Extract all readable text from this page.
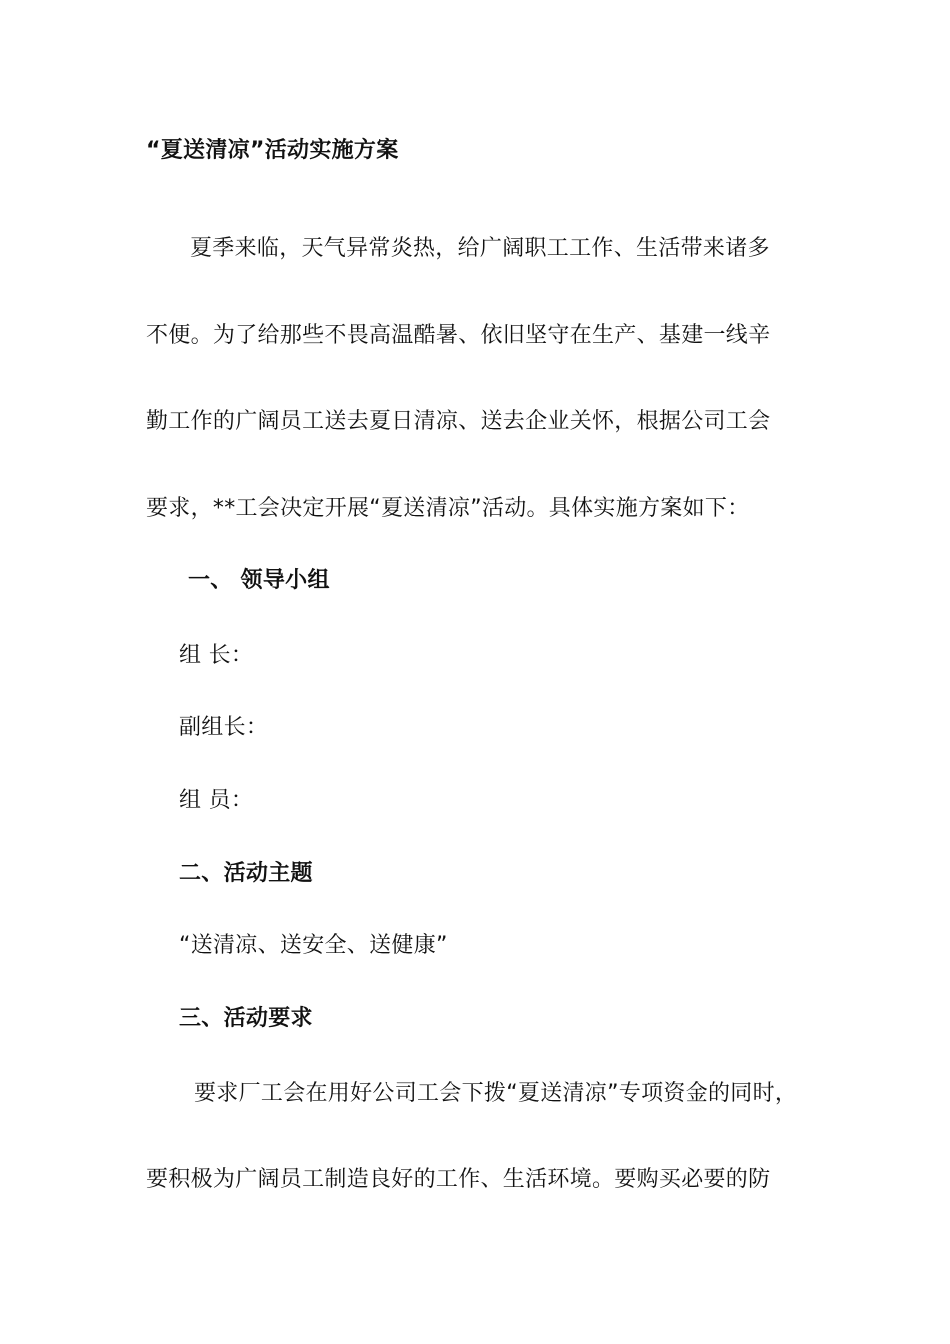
“夏送清凉”活动实施方案
夏季来临，天气异常炎热，给广阔职工工作、生活带来诸多
不便。为了给那些不畏高温酷暑、依旧坚守在生产、基建一线辛
勤工作的广阔员工送去夏日清凉、送去企业关怀，根据公司工会
要求，**工会决定开展“夏送清凉”活动。具体实施方案如下：
一、 领导小组
组 长：
副组长：
组 员：
二、活动主题
“送清凉、送安全、送健康”
三、活动要求
要求厂工会在用好公司工会下拨“夏送清凉”专项资金的同时，
要积极为广阔员工制造良好的工作、生活环境。要购买必要的防
